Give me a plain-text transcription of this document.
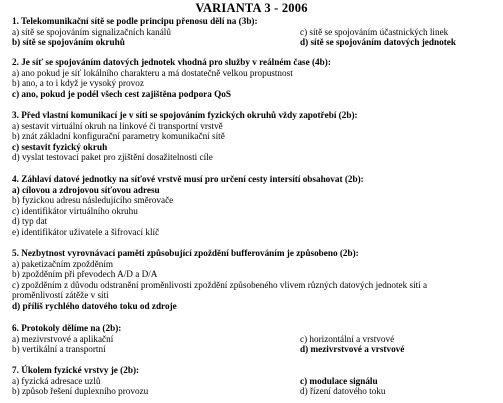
VARIANTA 3 - 2006
1. Telekomunikační sítě se podle principu přenosu dělí na (3b):
a) sítě se spojováním signalizačních kanálů	c) sítě se spojováním účastnických linek
b) sítě se spojováním okruhů	d) sítě se spojováním datových jednotek
2. Je síť se spojováním datových jednotek vhodná pro služby v reálném čase (4b):
a) ano pokud je síť lokálního charakteru a má dostatečně velkou propustnost
b) ano, a to i když je vysoký provoz
c) ano, pokud je podél všech cest zajištěna podpora QoS
3. Před vlastní komunikací je v síti se spojováním fyzických okruhů vždy zapotřebí (2b):
a) sestavit virtuální okruh na linkové či transportní vrstvě
b) znát základní konfigurační parametry komunikační sítě
c) sestavit fyzický okruh
d) vyslat testovací paket pro zjištění dosažitelnosti cíle
4. Záhlaví datové jednotky na síťové vrstvě musí pro určení cesty intersítí obsahovat (2b):
a) cílovou a zdrojovou síťovou adresu
b) fyzickou adresu následujícího směrovače
c) identifikátor virtuálního okruhu
d) typ dat
e) identifikátor uživatele a šifrovací klíč
5. Nezbytnost vyrovnávací paměti způsobující zpoždění bufferováním je způsobeno (2b):
a) paketizačním zpožděním
b) zpožděním při převodech A/D a D/A
c) zpožděním z důvodu odstranění proměnlivosti zpoždění způsobeného vlivem různých datových jednotek sítí a
proměnlivostí zátěže v síti
d) příliš rychlého datového toku od zdroje
6. Protokoly dělíme na (2b):
a) mezivrstvové a aplikační	c) horizontální a vrstvové
b) vertikální a transportní	d) mezivrstvové a vrstvové
7. Úkolem fyzické vrstvy je (2b):
a) fyzická adresace uzlů	c) modulace signálu
b) způsob řešení duplexního provozu	d) řízení datového toku
